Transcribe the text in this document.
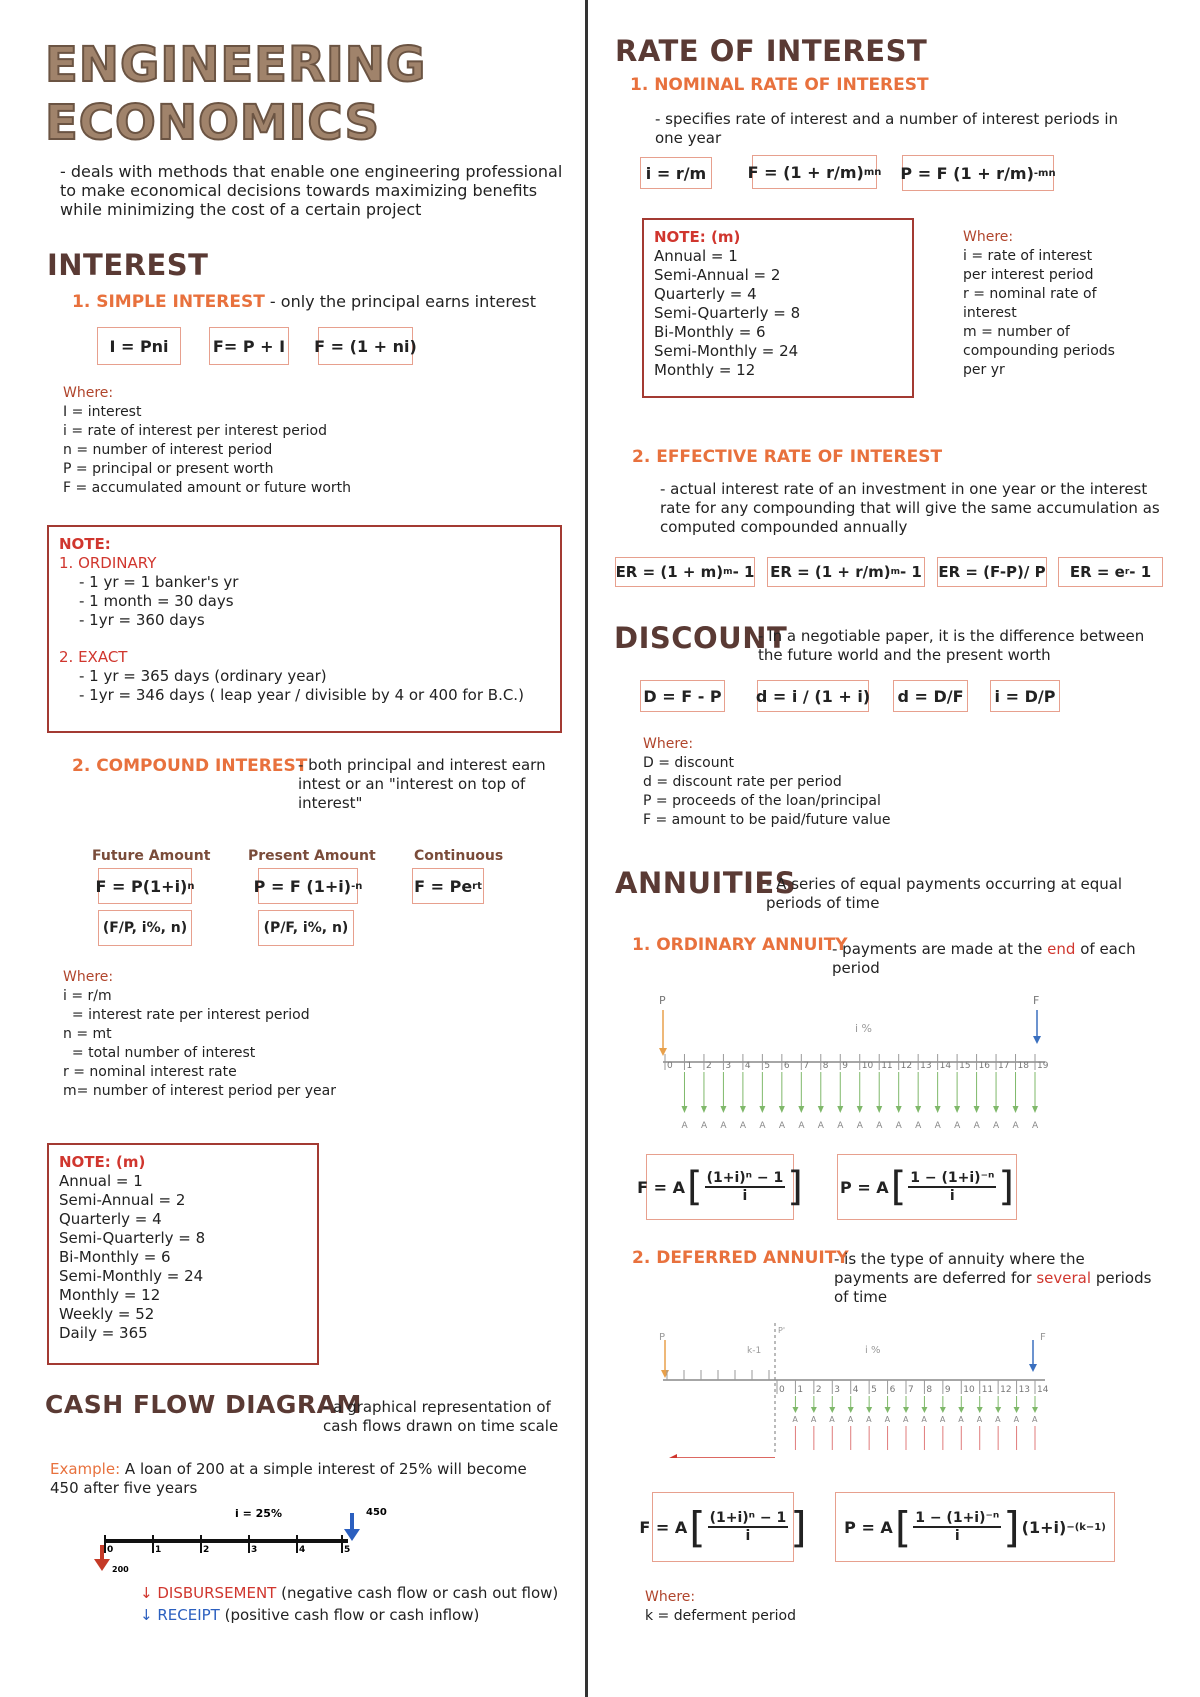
ENGINEERING
ECONOMICS
- deals with methods that enable one engineering professional to make economical decisions towards maximizing benefits while minimizing the cost of a certain project
INTEREST
1. SIMPLE INTEREST - only the principal earns interest
I = Pni	F= P + I F = (1 + ni)
Where:
I = interest
i = rate of interest per interest period
n = number of interest period
P = principal or present worth
F = accumulated amount or future worth
NOTE:
1. ORDINARY
- 1 yr = 1 banker's yr
- 1 month = 30 days
- 1yr = 360 days
2. EXACT
- 1 yr = 365 days (ordinary year)
- 1yr = 346 days ( leap year / divisible by 4 or 400 for B.C.)
2. COMPOUND INTEREST
- both principal and interest earn intest or an "interest on top of interest"
Future Amount	Present Amount	Continuous
F = P(1+i) n	P = F (1+i) -n	F = Pe rt
(F/P, i%, n)	(P/F, i%, n)
Where:
i = r/m
= interest rate per interest period
n = mt
= total number of interest
r = nominal interest rate
m= number of interest period per year
NOTE: (m)
Annual = 1
Semi-Annual = 2
Quarterly = 4
Semi-Quarterly = 8
Bi-Monthly = 6
Semi-Monthly = 24
Monthly = 12
Weekly = 52
Daily = 365
CASH FLOW DIAGRAM
- a graphical representation of cash flows drawn on time scale
Example: A loan of 200 at a simple interest of 25% will become 450 after five years
0	1	2	3	4	5
i = 25%	450
200
↓ DISBURSEMENT (negative cash flow or cash out flow)
↓ RECEIPT (positive cash flow or cash inflow)
RATE OF INTEREST
1. NOMINAL RATE OF INTEREST
- specifies rate of interest and a number of interest periods in one year
i = r/m	F = (1 + r/m) mn P = F (1 + r/m) -mn
NOTE: (m)
Annual = 1
Semi-Annual = 2
Quarterly = 4
Semi-Quarterly = 8
Bi-Monthly = 6
Semi-Monthly = 24
Monthly = 12
Where:
i = rate of interest
per interest period
r = nominal rate of
interest
m = number of
compounding periods
per yr
2. EFFECTIVE RATE OF INTEREST
- actual interest rate of an investment in one year or the interest rate for any compounding that will give the same accumulation as computed compounded annually
ER = (1 + m) m - 1 ER = (1 + r/m) m - 1 ER = (F-P)/ P ER = e r - 1
DISCOUNT
- In a negotiable paper, it is the difference between the future world and the present worth
D = F - P d = i / (1 + i) d = D/F i = D/P
Where:
D = discount
d = discount rate per period
P = proceeds of the loan/principal
F = amount to be paid/future value
ANNUITIES
- A series of equal payments occurring at equal periods of time
1. ORDINARY ANNUITY
- payments are made at the end of each period
P	F
i %
0 1
A
2
A
3
A
4
A
5
A
6
A
7
A
8
A
9
A
10
A
11
A
12
A
13
A
14
A
15
A
16
A
17
A
18
A
19
A
F = A [ (1+i)ⁿ − 1
i ] P = A [ 1 − (1+i)⁻ⁿ
i ]
2. DEFERRED ANNUITY
- is the type of annuity where the payments are deferred for several periods of time
P	F
P'
k-1	i %
0 1
A
2
A
3
A
4
A
5
A
6
A
7
A
8
A
9
A
10
A
11
A
12
A
13
A
14
A
F = A [ (1+i)ⁿ − 1
i ] P = A [ 1 − (1+i)⁻ⁿ
i ] (1+i) −(k−1)
Where:
k = deferment period
